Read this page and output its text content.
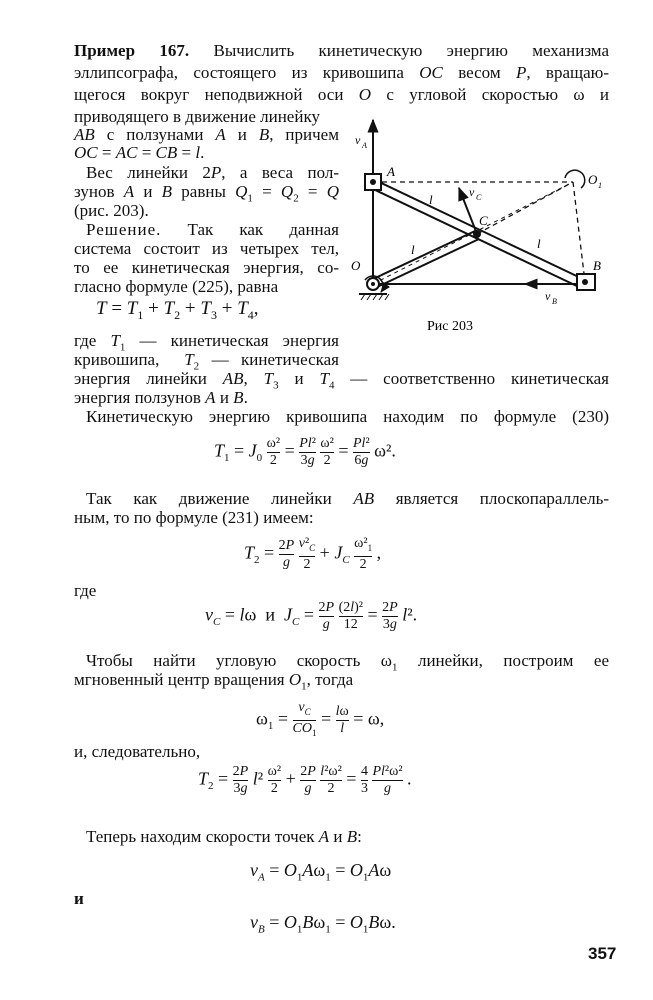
Пример 167. Вычислить кинетическую энергию механизма
эллипсографа, состоящего из кривошипа OC весом P, вращаю-
щегося вокруг неподвижной оси O с угловой скоростью ω и
приводящего в движение линейку
AB с ползунами A и B, причем
OC = AC = CB = l.
Вес линейки 2P, а веса пол-
зунов A и B равны $Q_1 = Q_2 = Q$
(рис. 203).
Решение. Так как данная
система состоит из четырех тел,
то ее кинетическая энергия, со-
гласно формуле (225), равна
$T = T_1 + T_2 + T_3 + T_4$,
где $T_1$ — кинетическая энергия
кривошипа,  $T_2$ — кинетическая
энергия линейки AB, $T_3$ и $T_4$ — соответственно кинетическая
энергия ползунов A и B.
Кинетическую энергию кривошипа находим по формуле (230)
$T_1 = J_0 \frac{\text{ω²}}{2} = \frac{\text{Pl²}}{3g}$
$\frac{\text{ω²}}{2} = \frac{\text{Pl²}}{6g} \omega^2$.
Так как движение линейки AB является плоскопараллель-
ным, то по формуле (231) имеем:
$T_2 = \frac{2P}{g}$
$\frac{v^2_C}{2} + J_C \frac{\omega^2_1}{2}$ ,
где
$v_C = l\omega$  и  $J_C = \frac{2P}{g}$
$\frac{\text{(2l)²}}{12} = \frac{2P}{3g} l^2$.
Чтобы найти угловую скорость $\omega_1$ линейки, построим ее
мгновенный центр вращения $O_1$, тогда
$\omega_1 = \frac{v_C}{CO_1} = \frac{l\omega}{l} = \omega$,
и, следовательно,
$T_2 = \frac{2P}{3g} l^2 \frac{\text{ω²}}{2} + \frac{2P}{g}$
$\frac{\text{l²ω²}}{2} = \frac{4}{3}$
$\frac{\text{Pl²ω²}}{g}$ .
Теперь находим скорости точек A и B:
$v_A = O_1A\omega_1 = O_1A\omega$
и
$v_B = O_1B\omega_1 = O_1B\omega$.
v A
A
B
C
O
O 1
l
l	l
v C
v B
Рис 203
357
